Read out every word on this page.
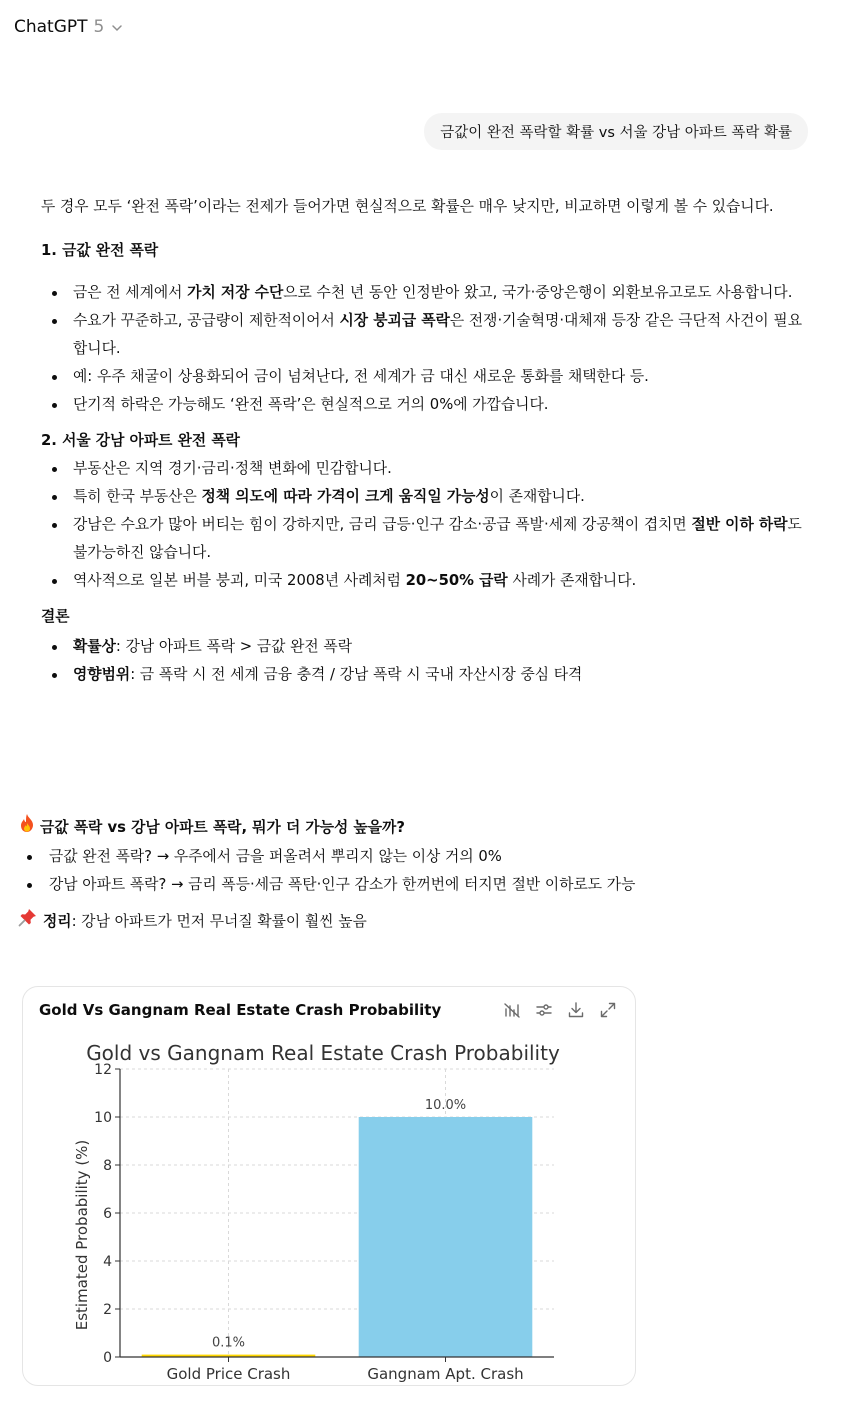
ChatGPT 5
금값이 완전 폭락할 확률 vs 서울 강남 아파트 폭락 확률

두 경우 모두 ‘완전 폭락’이라는 전제가 들어가면 현실적으로 확률은 매우 낮지만, 비교하면 이렇게 볼 수 있습니다.

1. 금값 완전 폭락

금은 전 세계에서 가치 저장 수단으로 수천 년 동안 인정받아 왔고, 국가·중앙은행이 외환보유고로도 사용합니다.
수요가 꾸준하고, 공급량이 제한적이어서 시장 붕괴급 폭락은 전쟁·기술혁명·대체재 등장 같은 극단적 사건이 필요합니다.
예: 우주 채굴이 상용화되어 금이 넘쳐난다, 전 세계가 금 대신 새로운 통화를 채택한다 등.
단기적 하락은 가능해도 ‘완전 폭락’은 현실적으로 거의 0%에 가깝습니다.

2. 서울 강남 아파트 완전 폭락

부동산은 지역 경기·금리·정책 변화에 민감합니다.
특히 한국 부동산은 정책 의도에 따라 가격이 크게 움직일 가능성이 존재합니다.
강남은 수요가 많아 버티는 힘이 강하지만, 금리 급등·인구 감소·공급 폭발·세제 강공책이 겹치면 절반 이하 하락도 불가능하진 않습니다.
역사적으로 일본 버블 붕괴, 미국 2008년 사례처럼 20~50% 급락 사례가 존재합니다.

결론

확률상: 강남 아파트 폭락 > 금값 완전 폭락
영향범위: 금 폭락 시 전 세계 금융 충격 / 강남 폭락 시 국내 자산시장 중심 타격
금값 폭락 vs 강남 아파트 폭락, 뭐가 더 가능성 높을까?
금값 완전 폭락? → 우주에서 금을 퍼올려서 뿌리지 않는 이상 거의 0%
강남 아파트 폭락? → 금리 폭등·세금 폭탄·인구 감소가 한꺼번에 터지면 절반 이하로도 가능
정리: 강남 아파트가 먼저 무너질 확률이 훨씬 높음
Gold Vs Gangnam Real Estate Crash Probability
Gold vs Gangnam Real Estate Crash Probability
Estimated Probability (%)
0.1%
10.0%
0
2
4
6
8
10
12
Gold Price Crash	Gangnam Apt. Crash
